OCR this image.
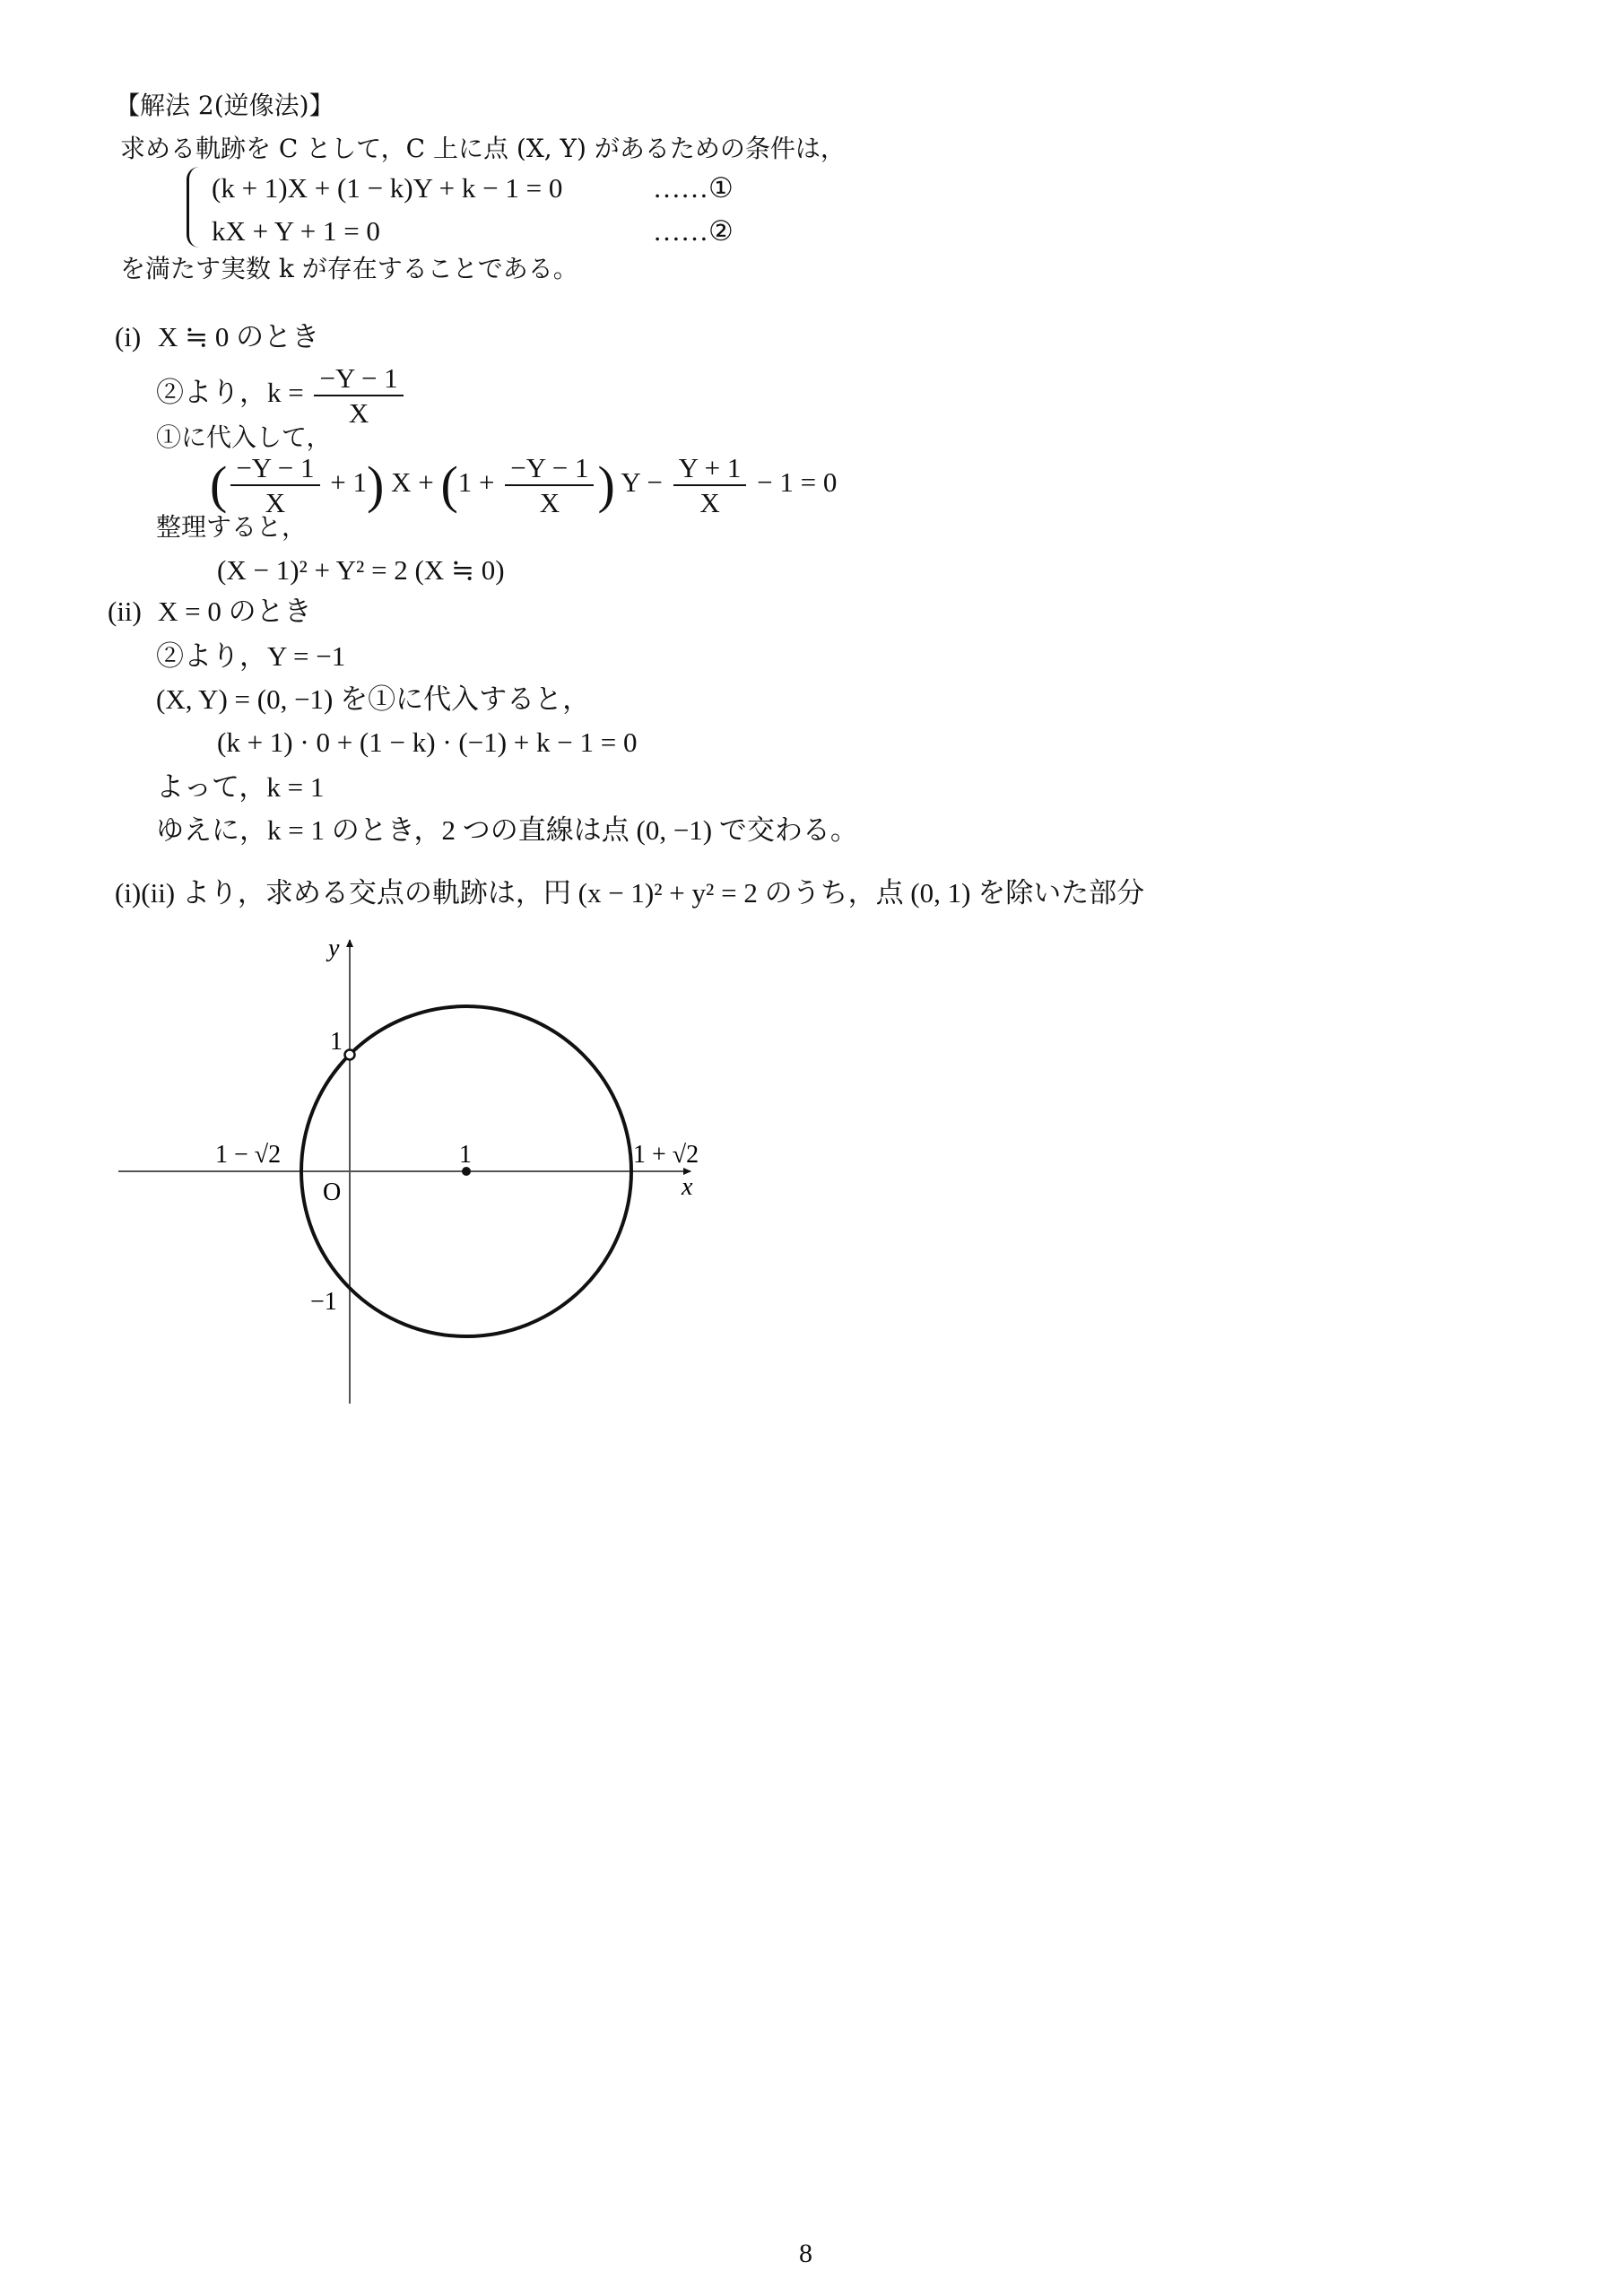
【解法 2(逆像法)】
求める軌跡を C として，C 上に点 (X, Y) があるための条件は，
(k + 1)X + (1 − k)Y + k − 1 = 0	……①
kX + Y + 1 = 0	……②
を満たす実数 k が存在することである。
(i) X ≒ 0 のとき
②より，$k = \frac{-Y - 1}{X}$
①に代入して，
( $\frac{-Y - 1}{X} + 1$) $X + (1 + \frac{-Y - 1}{X}$ ) $Y - \frac{Y + 1}{X} - 1 = 0$
整理すると，
(X − 1)² + Y² = 2 (X ≒ 0)
(ii) X = 0 のとき
②より，Y = −1
(X, Y) = (0, −1) を①に代入すると，
(k + 1) · 0 + (1 − k) · (−1) + k − 1 = 0
よって，k = 1
ゆえに，k = 1 のとき，2 つの直線は点 (0, −1) で交わる。
(i)(ii) より，求める交点の軌跡は，円 (x − 1)² + y² = 2 のうち，点 (0, 1) を除いた部分
y
x
O
1
−1
1
1 − √2	1 + √2
8
